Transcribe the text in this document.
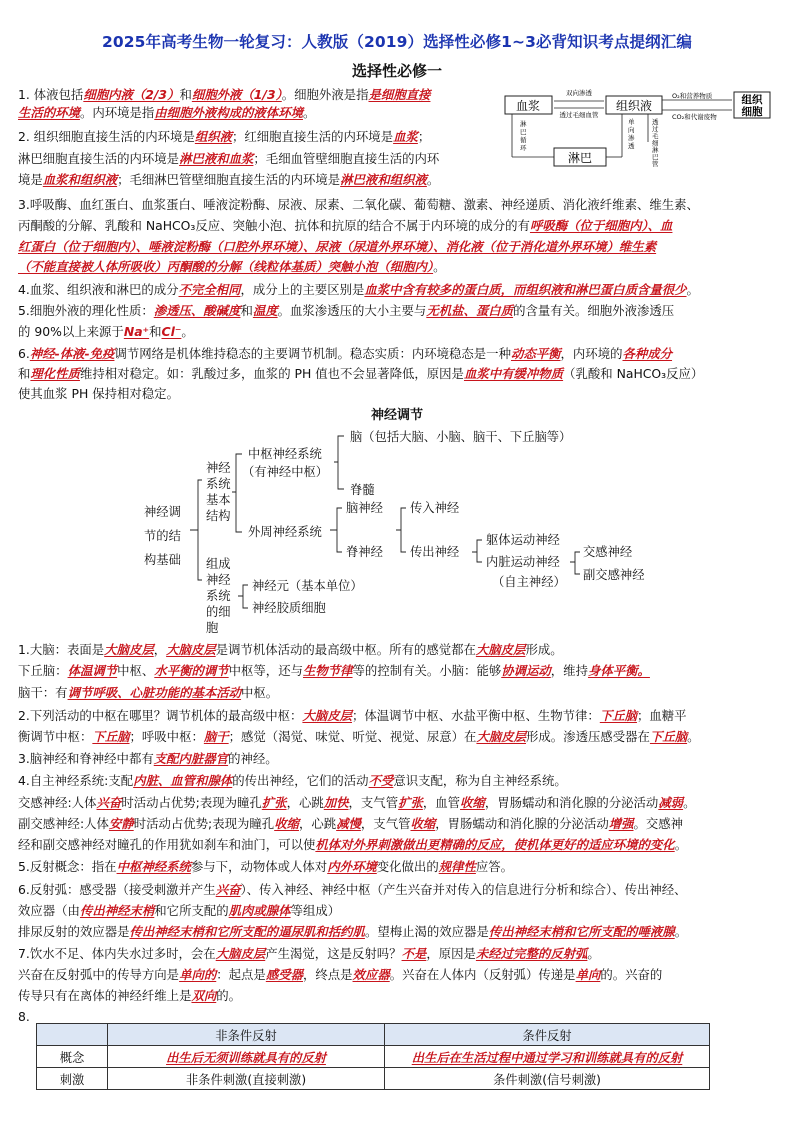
2025年高考生物一轮复习：人教版（2019）选择性必修1~3必背知识考点提纲汇编
选择性必修一
1. 体液包括细胞内液（2/3）和细胞外液（1/3）。细胞外液是指是细胞直接
生活的环境。内环境是指由细胞外液构成的液体环境。
2. 组织细胞直接生活的内环境是组织液；红细胞直接生活的内环境是血浆；
淋巴细胞直接生活的内环境是淋巴液和血浆；毛细血管壁细胞直接生活的内环
境是血浆和组织液；毛细淋巴管壁细胞直接生活的内环境是淋巴液和组织液。
血浆	组织液
淋巴
组织
细胞
双向渗透
透过毛细血管
淋
巴
循
环
单
向
渗
透
透
过
毛
细
淋
巴
管
O₂和营养物质
CO₂和代谢废物
3.呼吸酶、血红蛋白、血浆蛋白、唾液淀粉酶、尿液、尿素、二氧化碳、葡萄糖、激素、神经递质、消化液纤维素、维生素、
丙酮酸的分解、乳酸和 NaHCO₃反应、突触小泡、抗体和抗原的结合不属于内环境的成分的有呼吸酶（位于细胞内）、血
红蛋白（位于细胞内）、唾液淀粉酶（口腔外界环境）、尿液（尿道外界环境）、消化液（位于消化道外界环境）维生素
（不能直接被人体所吸收）丙酮酸的分解（线粒体基质）突触小泡（细胞内）。
4.血浆、组织液和淋巴的成分不完全相同，成分上的主要区别是血浆中含有较多的蛋白质，而组织液和淋巴蛋白质含量很少。
5.细胞外液的理化性质：渗透压、酸碱度和温度。血浆渗透压的大小主要与无机盐、蛋白质的含量有关。细胞外液渗透压
的 90%以上来源于Na⁺和Cl⁻。
6.神经-体液-免疫调节网络是机体维持稳态的主要调节机制。稳态实质：内环境稳态是一种动态平衡，内环境的各种成分
和理化性质维持相对稳定。如：乳酸过多，血浆的 PH 值也不会显著降低，原因是血浆中有缓冲物质（乳酸和 NaHCO₃反应）
使其血浆 PH 保持相对稳定。
神经调节
神经调
节的结
构基础
神经
系统
基本
结构
组成
神经
系统
的细
胞
中枢神经系统
（有神经中枢）
脑（包括大脑、小脑、脑干、下丘脑等）
脊髓
外周神经系统
脑神经
脊神经
传入神经
传出神经
躯体运动神经
内脏运动神经
（自主神经）
交感神经
副交感神经
神经元（基本单位）
神经胶质细胞
1.大脑：表面是大脑皮层，大脑皮层是调节机体活动的最高级中枢。所有的感觉都在大脑皮层形成。
下丘脑：体温调节中枢、水平衡的调节中枢等，还与生物节律等的控制有关。小脑：能够协调运动，维持身体平衡。
脑干：有调节呼吸、心脏功能的基本活动中枢。
2.下列活动的中枢在哪里？调节机体的最高级中枢：大脑皮层；体温调节中枢、水盐平衡中枢、生物节律：下丘脑；血糖平
衡调节中枢：下丘脑；呼吸中枢：脑干；感觉（渴觉、味觉、听觉、视觉、尿意）在大脑皮层形成。渗透压感受器在下丘脑。
3.脑神经和脊神经中都有支配内脏器官的神经。
4.自主神经系统:支配内脏、血管和腺体的传出神经，它们的活动不受意识支配，称为自主神经系统。
交感神经:人体兴奋时活动占优势;表现为瞳孔扩张，心跳加快，支气管扩张，血管收缩，胃肠蠕动和消化腺的分泌活动减弱。
副交感神经:人体安静时活动占优势;表现为瞳孔收缩，心跳减慢，支气管收缩，胃肠蠕动和消化腺的分泌活动增强。交感神
经和副交感神经对瞳孔的作用犹如刹车和油门，可以使机体对外界刺激做出更精确的反应，使机体更好的适应环境的变化。
5.反射概念：指在中枢神经系统参与下，动物体或人体对内外环境变化做出的规律性应答。
6.反射弧：感受器（接受刺激并产生兴奋）、传入神经、神经中枢（产生兴奋并对传入的信息进行分析和综合）、传出神经、
效应器（由传出神经末梢和它所支配的肌肉或腺体等组成）
排尿反射的效应器是传出神经末梢和它所支配的逼尿肌和括约肌。望梅止渴的效应器是传出神经末梢和它所支配的唾液腺。
7.饮水不足、体内失水过多时，会在大脑皮层产生渴觉，这是反射吗？不是，原因是未经过完整的反射弧。
兴奋在反射弧中的传导方向是单向的：起点是感受器，终点是效应器。兴奋在人体内（反射弧）传递是单向的。兴奋的
传导只有在离体的神经纤维上是双向的。
8.
	非条件反射	条件反射
概念	出生后无须训练就具有的反射	出生后在生活过程中通过学习和训练就具有的反射
刺激	非条件刺激(直接刺激)	条件刺激(信号刺激)
